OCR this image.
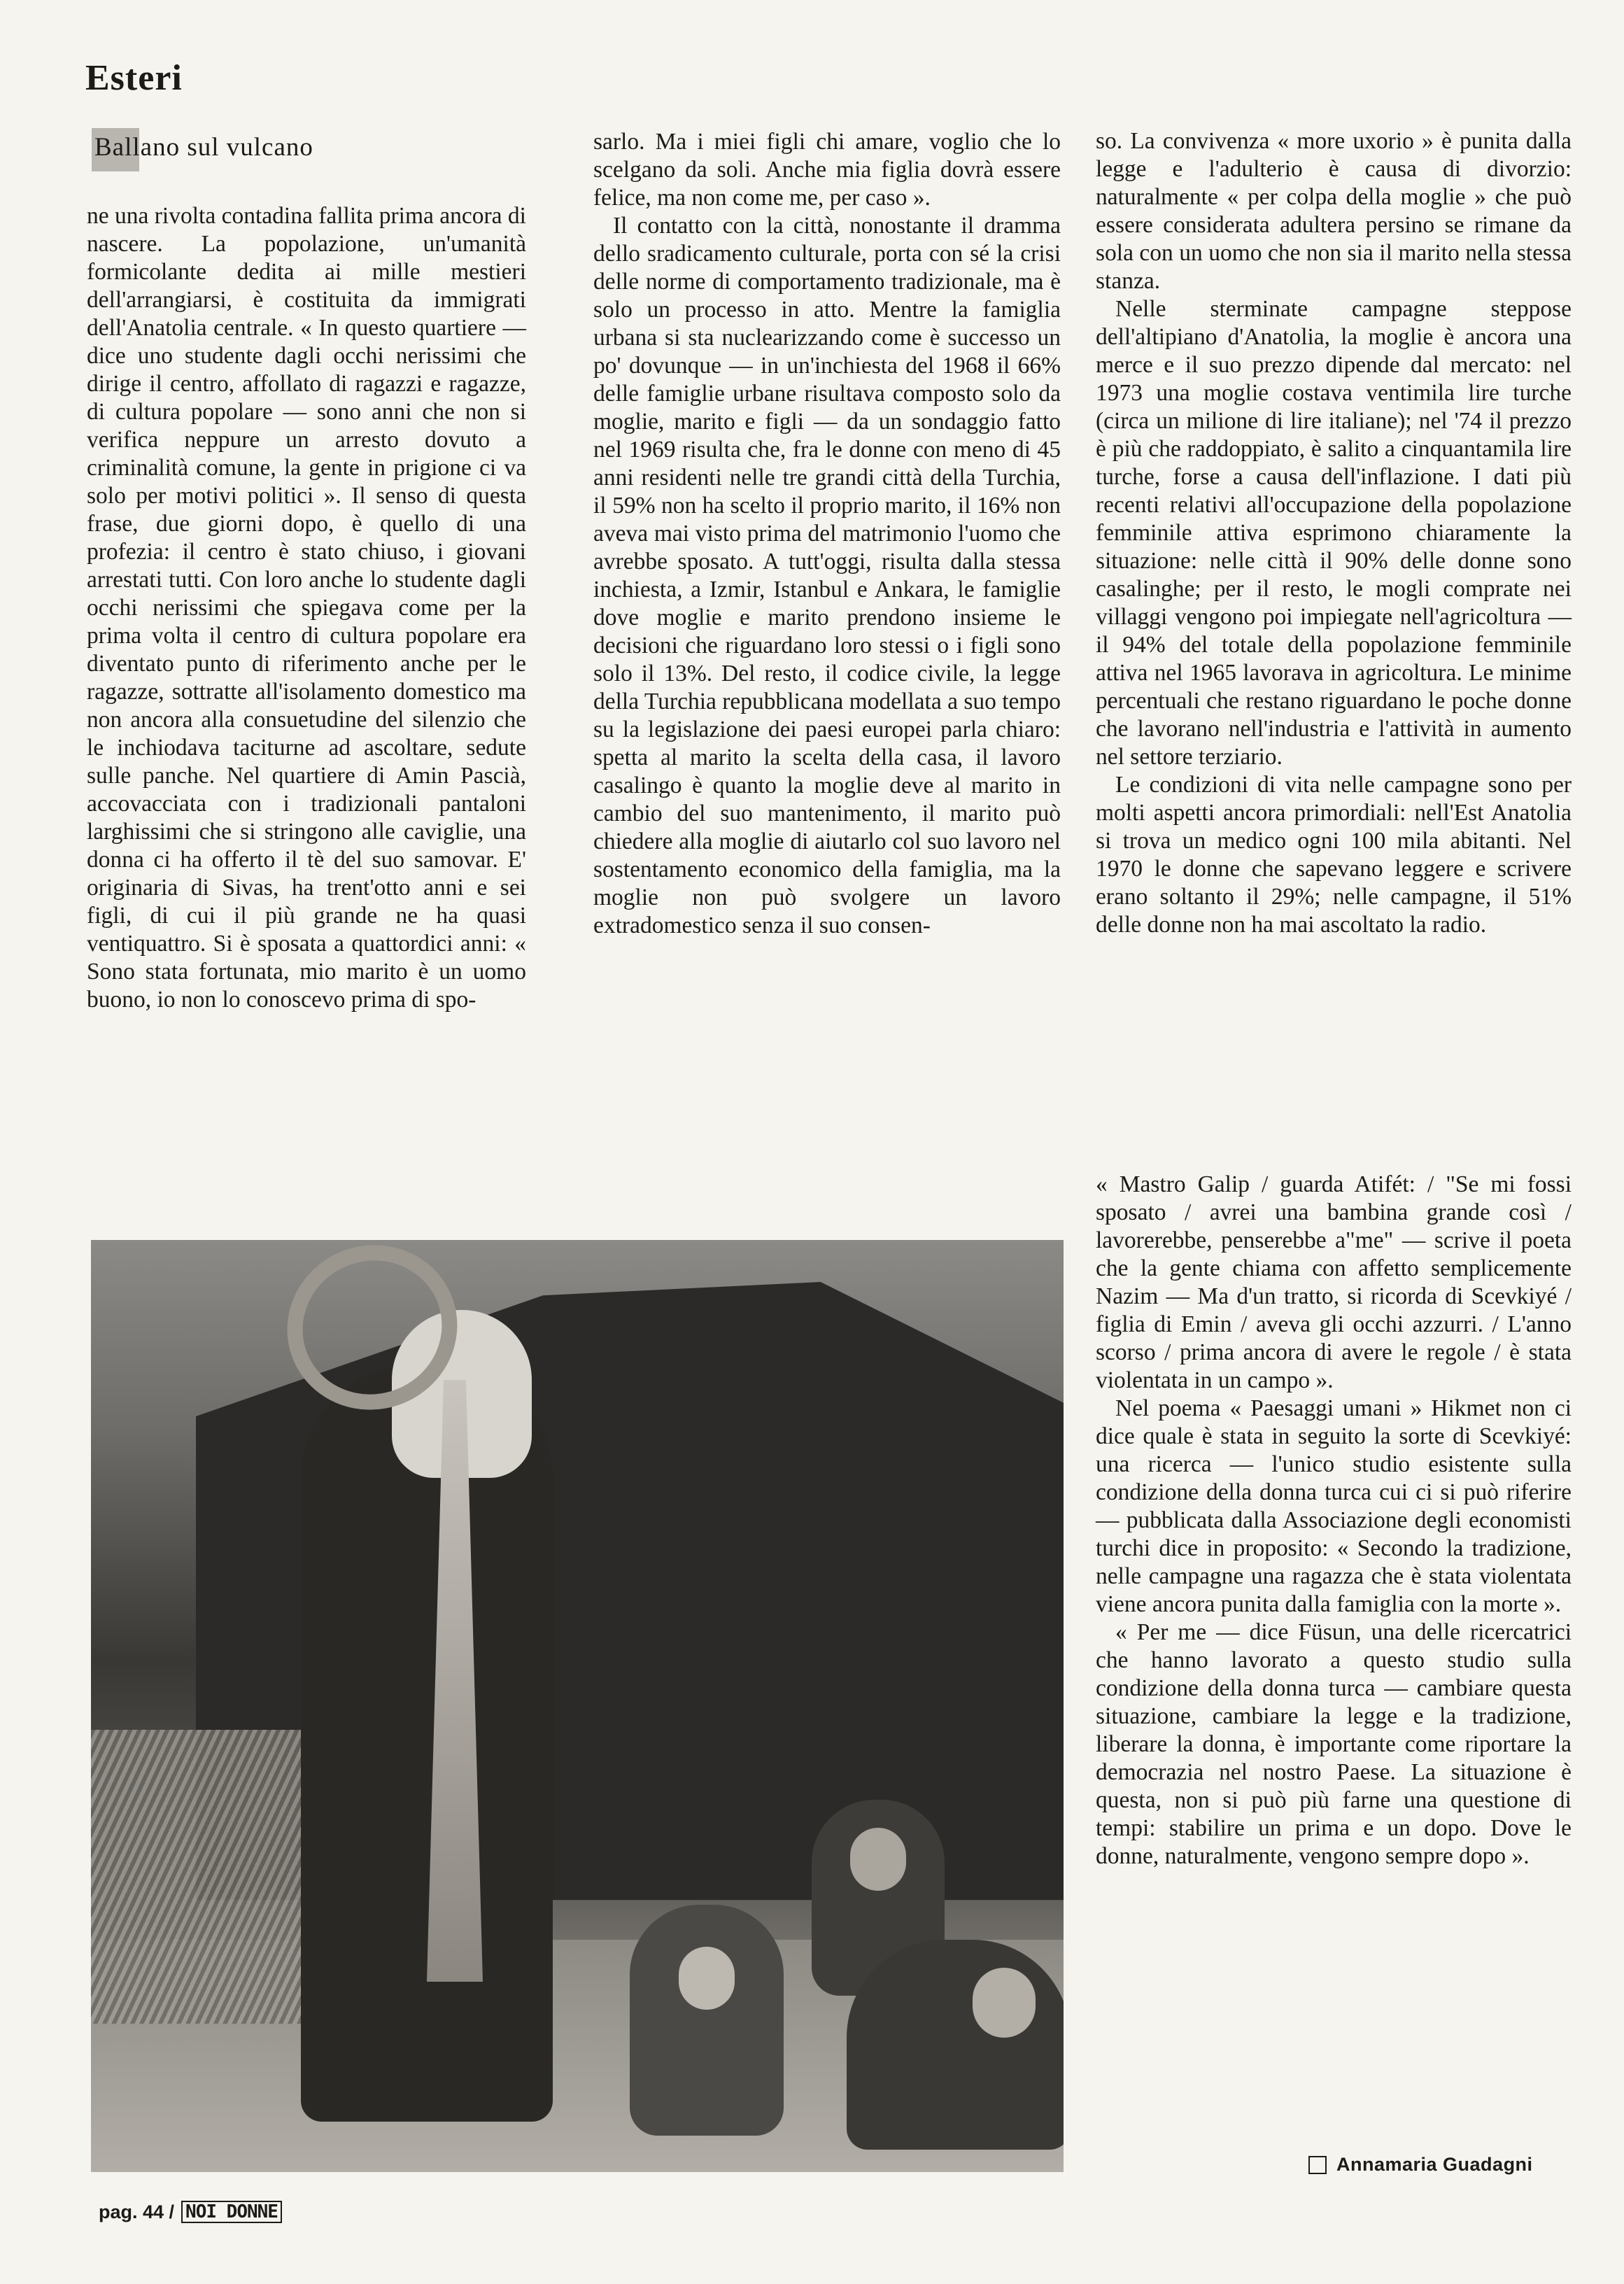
Esteri
Ballano sul vulcano

ne una rivolta contadina fallita prima ancora di nascere. La popolazione, un'umanità formicolante dedita ai mille mestieri dell'arrangiarsi, è costituita da immigrati dell'Anatolia centrale. « In questo quartiere — dice uno studente dagli occhi nerissimi che dirige il centro, affollato di ragazzi e ragazze, di cultura popolare — sono anni che non si verifica neppure un arresto dovuto a criminalità comune, la gente in prigione ci va solo per motivi politici ». Il senso di questa frase, due giorni dopo, è quello di una profezia: il centro è stato chiuso, i giovani arrestati tutti. Con loro anche lo studente dagli occhi nerissimi che spiegava come per la prima volta il centro di cultura popolare era diventato punto di riferimento anche per le ragazze, sottratte all'isolamento domestico ma non ancora alla consuetudine del silenzio che le inchiodava taciturne ad ascoltare, sedute sulle panche. Nel quartiere di Amin Pascià, accovacciata con i tradizionali pantaloni larghissimi che si stringono alle caviglie, una donna ci ha offerto il tè del suo samovar. E' originaria di Sivas, ha trent'otto anni e sei figli, di cui il più grande ne ha quasi ventiquattro. Si è sposata a quattordici anni: « Sono stata fortunata, mio marito è un uomo buono, io non lo conoscevo prima di spo-

sarlo. Ma i miei figli chi amare, voglio che lo scelgano da soli. Anche mia figlia dovrà essere felice, ma non come me, per caso ».

Il contatto con la città, nonostante il dramma dello sradicamento culturale, porta con sé la crisi delle norme di comportamento tradizionale, ma è solo un processo in atto. Mentre la famiglia urbana si sta nuclearizzando come è successo un po' dovunque — in un'inchiesta del 1968 il 66% delle famiglie urbane risultava composto solo da moglie, marito e figli — da un sondaggio fatto nel 1969 risulta che, fra le donne con meno di 45 anni residenti nelle tre grandi città della Turchia, il 59% non ha scelto il proprio marito, il 16% non aveva mai visto prima del matrimonio l'uomo che avrebbe sposato. A tutt'oggi, risulta dalla stessa inchiesta, a Izmir, Istanbul e Ankara, le famiglie dove moglie e marito prendono insieme le decisioni che riguardano loro stessi o i figli sono solo il 13%. Del resto, il codice civile, la legge della Turchia repubblicana modellata a suo tempo su la legislazione dei paesi europei parla chiaro: spetta al marito la scelta della casa, il lavoro casalingo è quanto la moglie deve al marito in cambio del suo mantenimento, il marito può chiedere alla moglie di aiutarlo col suo lavoro nel sostentamento economico della famiglia, ma la moglie non può svolgere un lavoro extradomestico senza il suo consen-

so. La convivenza « more uxorio » è punita dalla legge e l'adulterio è causa di divorzio: naturalmente « per colpa della moglie » che può essere considerata adultera persino se rimane da sola con un uomo che non sia il marito nella stessa stanza.

Nelle sterminate campagne steppose dell'altipiano d'Anatolia, la moglie è ancora una merce e il suo prezzo dipende dal mercato: nel 1973 una moglie costava ventimila lire turche (circa un milione di lire italiane); nel '74 il prezzo è più che raddoppiato, è salito a cinquantamila lire turche, forse a causa dell'inflazione. I dati più recenti relativi all'occupazione della popolazione femminile attiva esprimono chiaramente la situazione: nelle città il 90% delle donne sono casalinghe; per il resto, le mogli comprate nei villaggi vengono poi impiegate nell'agricoltura — il 94% del totale della popolazione femminile attiva nel 1965 lavorava in agricoltura. Le minime percentuali che restano riguardano le poche donne che lavorano nell'industria e l'attività in aumento nel settore terziario.

Le condizioni di vita nelle campagne sono per molti aspetti ancora primordiali: nell'Est Anatolia si trova un medico ogni 100 mila abitanti. Nel 1970 le donne che sapevano leggere e scrivere erano soltanto il 29%; nelle campagne, il 51% delle donne non ha mai ascoltato la radio.

« Mastro Galip / guarda Atifét: / "Se mi fossi sposato / avrei una bambina grande così / lavorerebbe, penserebbe a"me" — scrive il poeta che la gente chiama con affetto semplicemente Nazim — Ma d'un tratto, si ricorda di Scevkiyé / figlia di Emin / aveva gli occhi azzurri. / L'anno scorso / prima ancora di avere le regole / è stata violentata in un campo ».

Nel poema « Paesaggi umani » Hikmet non ci dice quale è stata in seguito la sorte di Scevkiyé: una ricerca — l'unico studio esistente sulla condizione della donna turca cui ci si può riferire — pubblicata dalla Associazione degli economisti turchi dice in proposito: « Secondo la tradizione, nelle campagne una ragazza che è stata violentata viene ancora punita dalla famiglia con la morte ».

« Per me — dice Füsun, una delle ricercatrici che hanno lavorato a questo studio sulla condizione della donna turca — cambiare questa situazione, cambiare la legge e la tradizione, liberare la donna, è importante come riportare la democrazia nel nostro Paese. La situazione è questa, non si può più farne una questione di tempi: stabilire un prima e un dopo. Dove le donne, naturalmente, vengono sempre dopo ».

Annamaria Guadagni
pag. 44 / NOI DONNE
